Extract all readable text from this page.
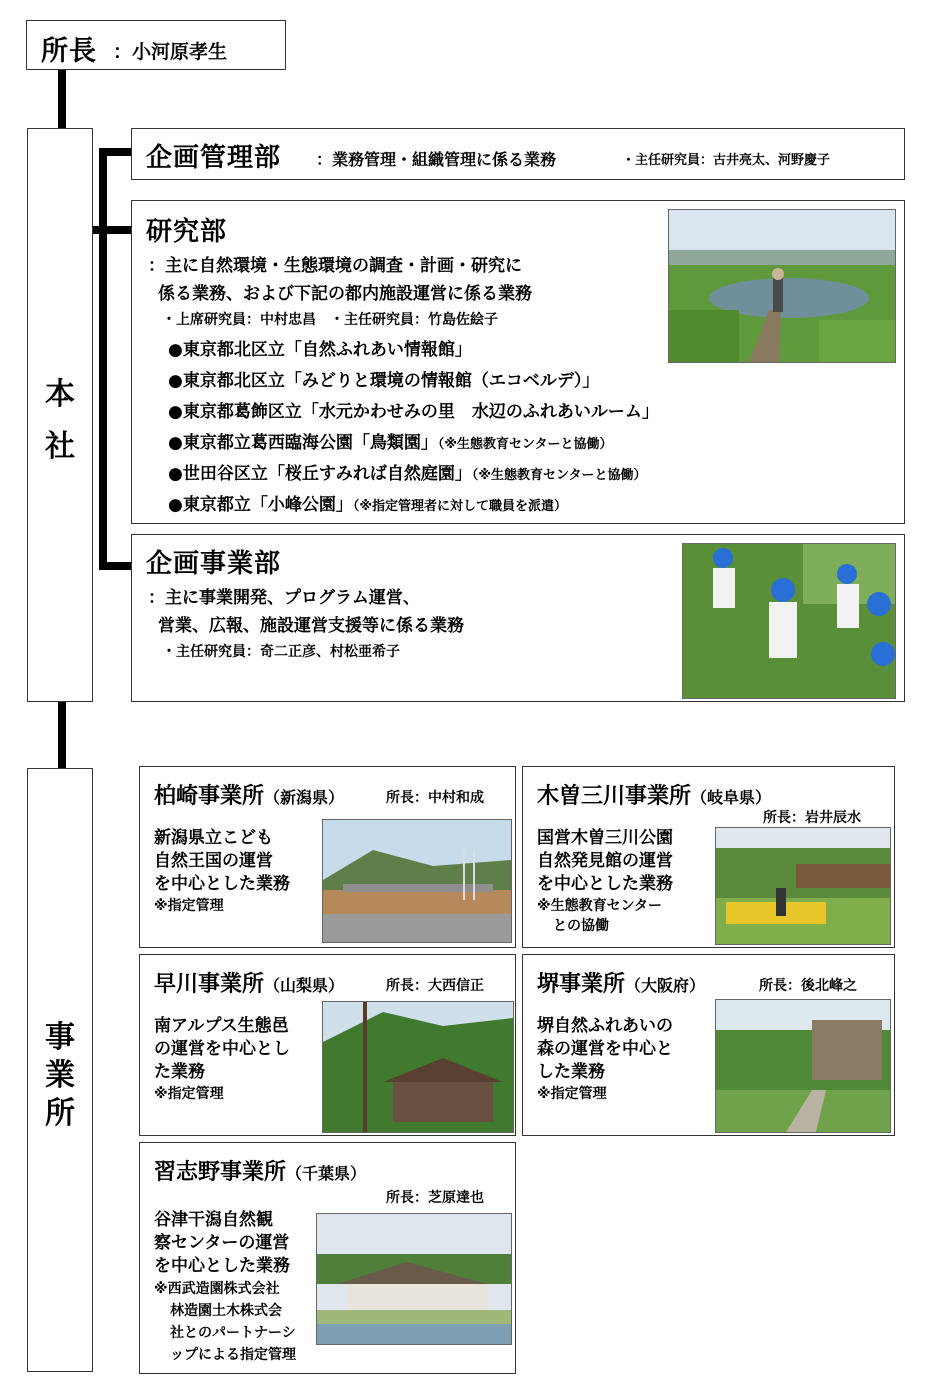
所長 ：小河原孝生
本
社
事
業
所
企画管理部 ：業務管理・組織管理に係る業務	・主任研究員：古井亮太、河野慶子
研究部
：主に自然環境・生態環境の調査・計画・研究に
係る業務、および下記の都内施設運営に係る業務
・上席研究員：中村忠昌　・主任研究員：竹島佐絵子
●東京都北区立「自然ふれあい情報館」
●東京都北区立「みどりと環境の情報館（エコベルデ）」
●東京都葛飾区立「水元かわせみの里　水辺のふれあいルーム」
●東京都立葛西臨海公園「鳥類園」（※生態教育センターと協働）
●世田谷区立「桜丘すみれば自然庭園」（※生態教育センターと協働）
●東京都立「小峰公園」（※指定管理者に対して職員を派遣）
企画事業部
：主に事業開発、プログラム運営、
営業、広報、施設運営支援等に係る業務
・主任研究員：奇二正彦、村松亜希子
柏崎事業所（新潟県）	所長：中村和成
新潟県立こども
自然王国の運営
を中心とした業務
※指定管理
木曽三川事業所（岐阜県）
所長：岩井辰水
国営木曽三川公園
自然発見館の運営
を中心とした業務
※生態教育センター
との協働
早川事業所（山梨県）	所長：大西信正
南アルプス生態邑
の運営を中心とし
た業務
※指定管理
堺事業所（大阪府）	所長：後北峰之
堺自然ふれあいの
森の運営を中心と
した業務
※指定管理
習志野事業所（千葉県）
所長：芝原達也
谷津干潟自然観
察センターの運営
を中心とした業務
※西武造園株式会社
林造園土木株式会
社とのパートナーシ
ップによる指定管理
